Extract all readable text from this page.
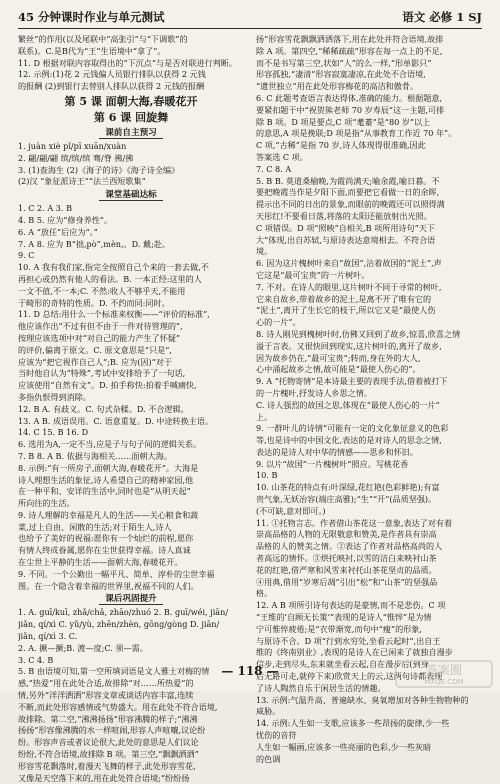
45 分钟课时作业与单元测试	语文 必修 1 SJ
繁丝”的作用(以及尾联中“高张引”与“下调歌”的
联系)。C.是B代为“王”生语境中“拿了”。
11. D 根据对联内容取得出的“下沉点”与是否对联进行判断。
12. 示例:(1)花 2 元钱偏人员银行排队以获得 2 元钱
的报酬 (2)到银行去替别人排队以获得 2 元钱的报酬
第 5 课 面朝大海,春暖花开
第 6 课 回旋舞
课前自主预习
1. juàn xiè pǐ/pī xuān/xuàn
2. 翩/翩/翩 缤/缤/缤 骞/脊 拂/拂
3. (1)查海生 (2)《海子的诗》《海子诗全编》
(2)汉 “象征派诗王”“法兰西短歌集”
课堂基础达标
1. C 2. A 3. B
4. B 5. 应为“修身养性”。
6. A “放任”后应为“。”
7. A 8. 应为 B“拙,pò”,mèn,。D. 戴;赴。
9. C
10. A 我有我们家,指完全按照自己个来的一套去做,不
再担心或仍然有他人的看法。B. 一本正经:这里的人
一文不值,不一本;C. 不然:收人不够乎天,不能用
于畸形的奇特的性质。D. 不约而同:同时。
11. D 总结:用什么一个标准来权衡——“评价的标准”,
他应该作出“不过有但不由于一件对待管理的”,
按理应该选项中对“对自己的能力产生了怀疑”
的评价,偏离于原文。C. 原文意思是“只是”,
应该为“把它视作自己人”;B. 应为(因)“对于
当时他自认为“特殊”,考试中安排给予了一句话,
应该使用“自然有文”。D. 拍手称快:拍着手喊痛快,
多指仇恨得到消除。
12. B A. 有歧义。C. 句式杂糅。D. 不合逻辑。
13. A B. 成语误用。C. 语意重复。D. 中途转换主语。
14. C 15. B 16. D
6. 选用为A,一定不当,应是子与句子间的逻辑关系。
7. B 8. A B. 依据与海相关……面朝大海。
8. 示例:“有一所房子,面朝大海,春暖花开”。大海是
诗人理想生活的象征,诗人希望自己的精神家园,他
在一种平和、安详的生活中,同时也是“从明天起”
所向往的生活。
9. 诗人理解的幸福是凡人的生活——关心粮食和蔬
菜,过上自由、闲散的生活;对于陌生人,诗人
也给予了美好的祝福:愿你有一个灿烂的前程,愿你
有情人终成眷属,愿你在尘世获得幸福。诗人真诚
在尘世上平静的生活——面朝大海,春暖花开。
9. 不同。一个公勤出一幅平凡、简单、淳朴的尘世幸福
图。在一个隐含着幸福的世界里,祝福不同的人们。
课后巩固提升
1. A. guī/kuī, zhǎ/chǎ, zhāo/zhuó 2. B. guī/wéi, jiān/
jiǎn, qí/xì C. yǔ/yù, zhēn/zhèn, gōng/gòng D. jiān/
jiǎn, qí/xì 3. C.
2. A. 撅—撅;B. 渡—度;C. 须—需。
3. C 4. B
5. B 由语境可知,第一空所填词语是文人雅士对梅的情
感,“热爱”用在此处合适,故排除“对……所热爱”的
情,另外“洋洋洒洒”形容文章或谈话内容丰富,连续
不断,而此处形容感情或气势盛大。用在此处不符合语境,
故排除。第二空,“沸沸扬扬”形容沸腾的样子;“沸沸
扬扬”形容像沸腾的水一样喧闹,形容人声喧嚷,议论纷
纷。形容声音或者议论很大,此处的意思是人们议论
纷纷,不符合语境,故排除 B 项。第三空,“飘飘洒洒”
形容雪花飘落时,着漫天飞舞的样子,此处形容雪花,
又像是天空落下来的,用在此处符合语境;“纷纷扬
扬”形容雪花飘飘洒洒落下,用在此处并符合语境,故排
除 A 项。第四空,“稀稀疏疏”形容在每一点上的不足,
而不是书写第三空,状如“人”的么一样,“形单影只”
形容孤独,“凄清”形容寂寞凄凉,在此处不合语境,
“遗世独立”用在此处形容梅花的高洁和傲骨。
6. C 此题考查语言表达得体,准确的能力。根据题意,
要紧扣题干中“祝贺熊老师 70 岁寿辰”这一主题,可排
除 B 项。D 项是要点,C 项“耄耋”是“80 岁”以上
的意思,A 项是挽联;D 项是指“从事教育工作近 70 年”。
C 项,“古稀”是指 70 岁,诗人体现得很准确,因此
答案选 C 项。
7. C 8. A
5. B B. 莫道桑榆晚,为霞尚满天;喻余霞,喻日暮。不
要把晚霞当作是夕阳下面,而要把它看做一日的余晖,
提示出不同的日出的景象,而眼前的晚霞还可以照得满
天彤红!不要看日落,将落的太阳还能放射出光照。
C 项错误。D 项“照映”自相关,B 项所用诗句“天下
大”体现,出自苏轼,与原诗表达意境相去。不符合语
境。
6. 因为这片槐树叶来自“故国”,沾着故国的“泥土”,声
它这是“最可宝贵”的一片树叶。
7. 不对。在诗人的眼里,这片树叶不同于寻常的树叶,
它来自故乡,带着故乡的泥土,是离不开了唯有它的
“泥土”,离开了生长它的枝干,所以它又是“最使人伤
心的一片”。
8. 诗人刚见到槐树叶时,仿佛又回到了故乡,惊喜,欣喜之情
溢于言表。又很快回到现实,这片树叶的,离开了故乡,
因为故乡仍在,“最可宝贵”;转而,身在外的大人,
心中涌起故乡之情,故可能是“最使人伤心的”。
9. A “托物寄情”是本诗最主要的表现手法,借着被打下
的一片槐叶,抒发诗人乡思之情。
C. 诗人强烈的故国之思,体现在“最使人伤心的一片”
上。
9. 一群叶儿的诗情“可能有一定的文化象征意义的色彩
等,也是诗中的中国文化,表达的是对诗人的思念之情,
表达的是诗人对中华的情感——思乡和怀旧。
9. 以片“故国”一片槐树叶”照应。写桃花香
10. B
10. 山茶花的特点有:叶深绿,花红艳(色彩鲜艳);有富
贵气象,无妖冶容(端庄高雅);“生”“开”(品质坚强)。
(不可缺,意对即可。)
11. ①托物言志。作者借山茶花这一意象,表达了对有着
崇高品格的人物的无限敬意和赞美,是作者具有崇高
品格的人的赞美之情。②表达了作者对品格高尚的人
者高远的情怀。③烘托映衬,以雪的洁白来映衬山茶
花的红艳,借严寒和风雪来衬托山茶花坚贞的品质。
④用典,借用“岁寒后凋”引出“松”和“山茶”的坚强品
格。
12. A B 项所引诗句表达的是豪情,而不是悲伤。C 项
“王维的‘自顾无长策’”表现的是诗人“惟悴”是为情
宁可惟悴疲倦;是“衣带渐宽,而句中“瘦”的形象,
与原诗不合。D 项“行到水穷处,坐看云起时”,出自王
维的《终南别业》,表现的是诗人在已闲来了就独自漫步
信步,走到尽头,东来就坐看云起,自在漫步后(到身
后无路可走,就停下来)欣赏天上的云,这两句诗都表现
了诗人陶然自乐于闲居生活的情趣。
13. 示例:气温升高、普遍缺水、臭氧增加对各种生物物种的
威胁。
14. 示例:人生如一支歌,应该多一些昂扬的旋律,少一些
忧伤的音符
人生如一幅画,应该多一些亮丽的色彩,少一些灰暗
的色调
— 118 —	答案圈
MXQE.COM
